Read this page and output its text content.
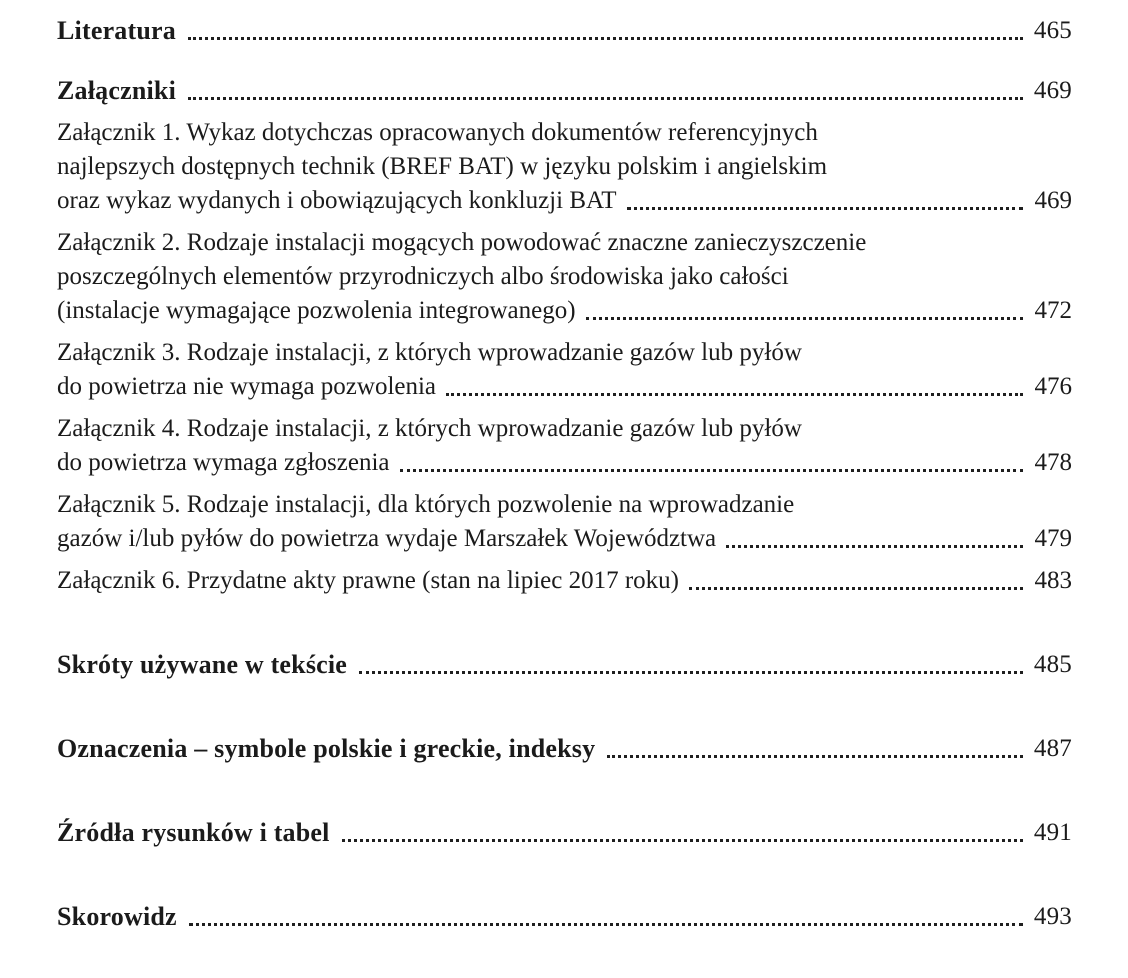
Literatura	465
Załączniki	469
Załącznik 1. Wykaz dotychczas opracowanych dokumentów referencyjnych
najlepszych dostępnych technik (BREF BAT) w języku polskim i angielskim
oraz wykaz wydanych i obowiązujących konkluzji BAT	469
Załącznik 2. Rodzaje instalacji mogących powodować znaczne zanieczyszczenie
poszczególnych elementów przyrodniczych albo środowiska jako całości
(instalacje wymagające pozwolenia integrowanego)	472
Załącznik 3. Rodzaje instalacji, z których wprowadzanie gazów lub pyłów
do powietrza nie wymaga pozwolenia	476
Załącznik 4. Rodzaje instalacji, z których wprowadzanie gazów lub pyłów
do powietrza wymaga zgłoszenia	478
Załącznik 5. Rodzaje instalacji, dla których pozwolenie na wprowadzanie
gazów i/lub pyłów do powietrza wydaje Marszałek Województwa	479
Załącznik 6. Przydatne akty prawne (stan na lipiec 2017 roku)	483
Skróty używane w tekście	485
Oznaczenia – symbole polskie i greckie, indeksy	487
Źródła rysunków i tabel	491
Skorowidz	493
